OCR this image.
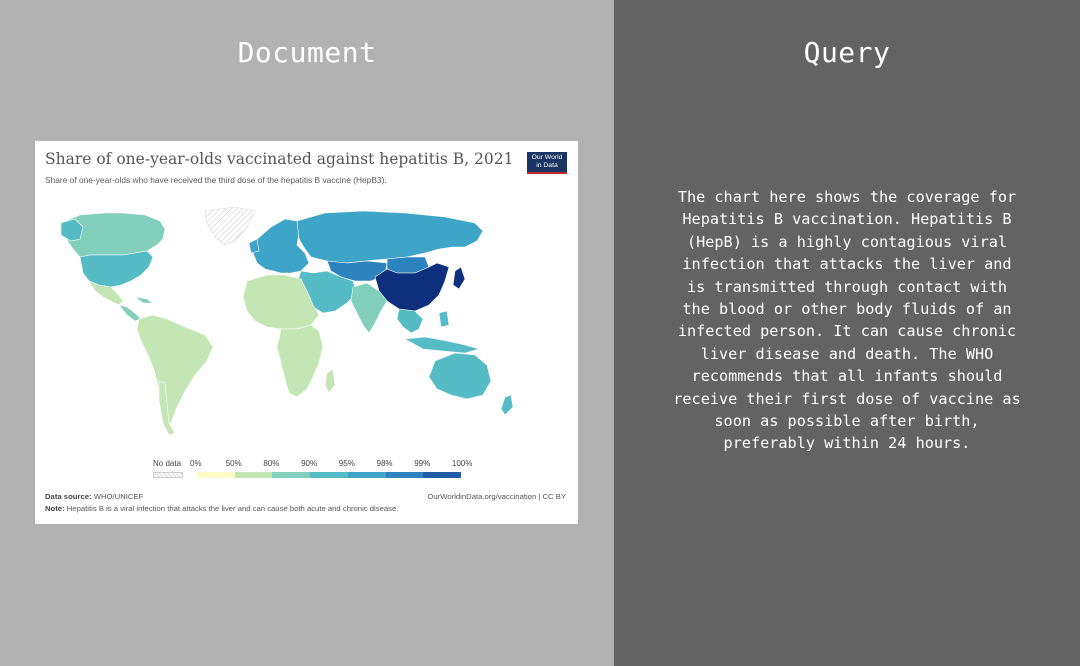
Document
Share of one-year-olds vaccinated against hepatitis B, 2021
Share of one-year-olds who have received the third dose of the hepatitis B vaccine (HepB3).
Our World
in Data
No data 0%	50%	80%	90%	95%	98%	99%	100%
Data source: WHO/UNICEF	OurWorldinData.org/vaccination | CC BY
Note: Hepatitis B is a viral infection that attacks the liver and can cause both acute and chronic disease.
Query
The chart here shows the coverage for Hepatitis B vaccination. Hepatitis B (HepB) is a highly contagious viral infection that attacks the liver and is transmitted through contact with the blood or other body fluids of an infected person. It can cause chronic liver disease and death. The WHO recommends that all infants should receive their first dose of vaccine as soon as possible after birth, preferably within 24 hours.
